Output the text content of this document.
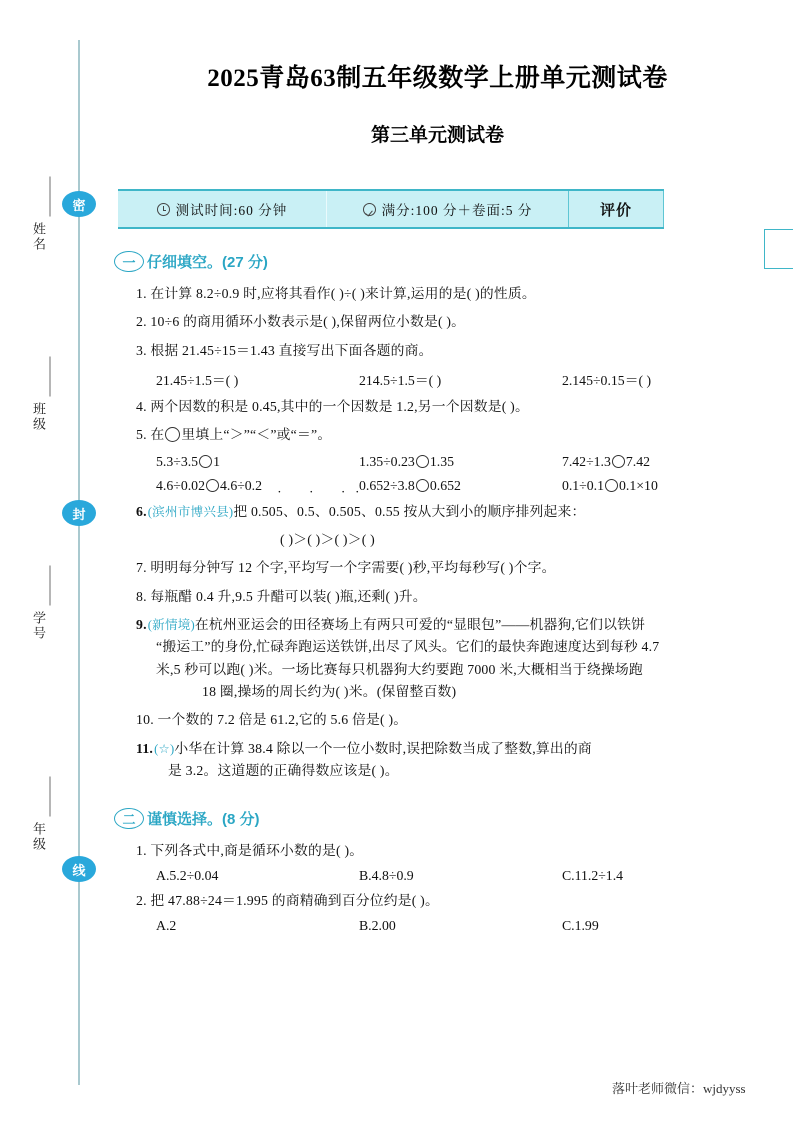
密
封
线
姓名
班级
学号
年级
2025青岛63制五年级数学上册单元测试卷
第三单元测试卷
测试时间:60 分钟	满分:100 分＋卷面:5 分	评价
一 仔细填空。 (27 分)

1. 在计算 8.2÷0.9 时,应将其看作( )÷( )来计算,运用的是( )的性质。

2. 10÷6 的商用循环小数表示是( ),保留两位小数是( )。

3. 根据 21.45÷15＝1.43 直接写出下面各题的商。

21.45÷1.5＝( )	214.5÷1.5＝( )	2.145÷0.15＝( )

4. 两个因数的积是 0.45,其中的一个因数是 1.2,另一个因数是( )。

5. 在 里填上“＞”“＜”或“＝”。

5.3÷3.5 1	1.35÷0.23 1.35	7.42÷1.3 7.42
4.6÷0.02 4.6÷0.2	0.652÷3.8 0.652	0.1÷0.1 0.1×10

6.(滨州市博兴县)把 0.505 ˙、0.5 ˙、0.5 ˙05 ˙、0.55 按从大到小的顺序排列起来：

( )＞( )＞( )＞( )

7. 明明每分钟写 12 个字,平均写一个字需要( )秒,平均每秒写( )个字。

8. 每瓶醋 0.4 升,9.5 升醋可以装( )瓶,还剩( )升。

9.(新情境)在杭州亚运会的田径赛场上有两只可爱的“显眼包”——机器狗,它们以铁饼

“搬运工”的身份,忙碌奔跑运送铁饼,出尽了风头。它们的最快奔跑速度达到每秒 4.7

米,5 秒可以跑( )米。一场比赛每只机器狗大约要跑 7000 米,大概相当于绕操场跑

18 圈,操场的周长约为( )米。(保留整百数)

10. 一个数的 7.2 倍是 61.2,它的 5.6 倍是( )。

11.(☆)小华在计算 38.4 除以一个一位小数时,误把除数当成了整数,算出的商

是 3.2。这道题的正确得数应该是( )。

二 谨慎选择。 (8 分)

1. 下列各式中,商是循环小数的是( )。

A.5.2÷0.04	B.4.8÷0.9	C.11.2÷1.4

2. 把 47.88÷24＝1.995 的商精确到百分位约是( )。

A.2	B.2.00	C.1.99
落叶老师微信：wjdyyss
